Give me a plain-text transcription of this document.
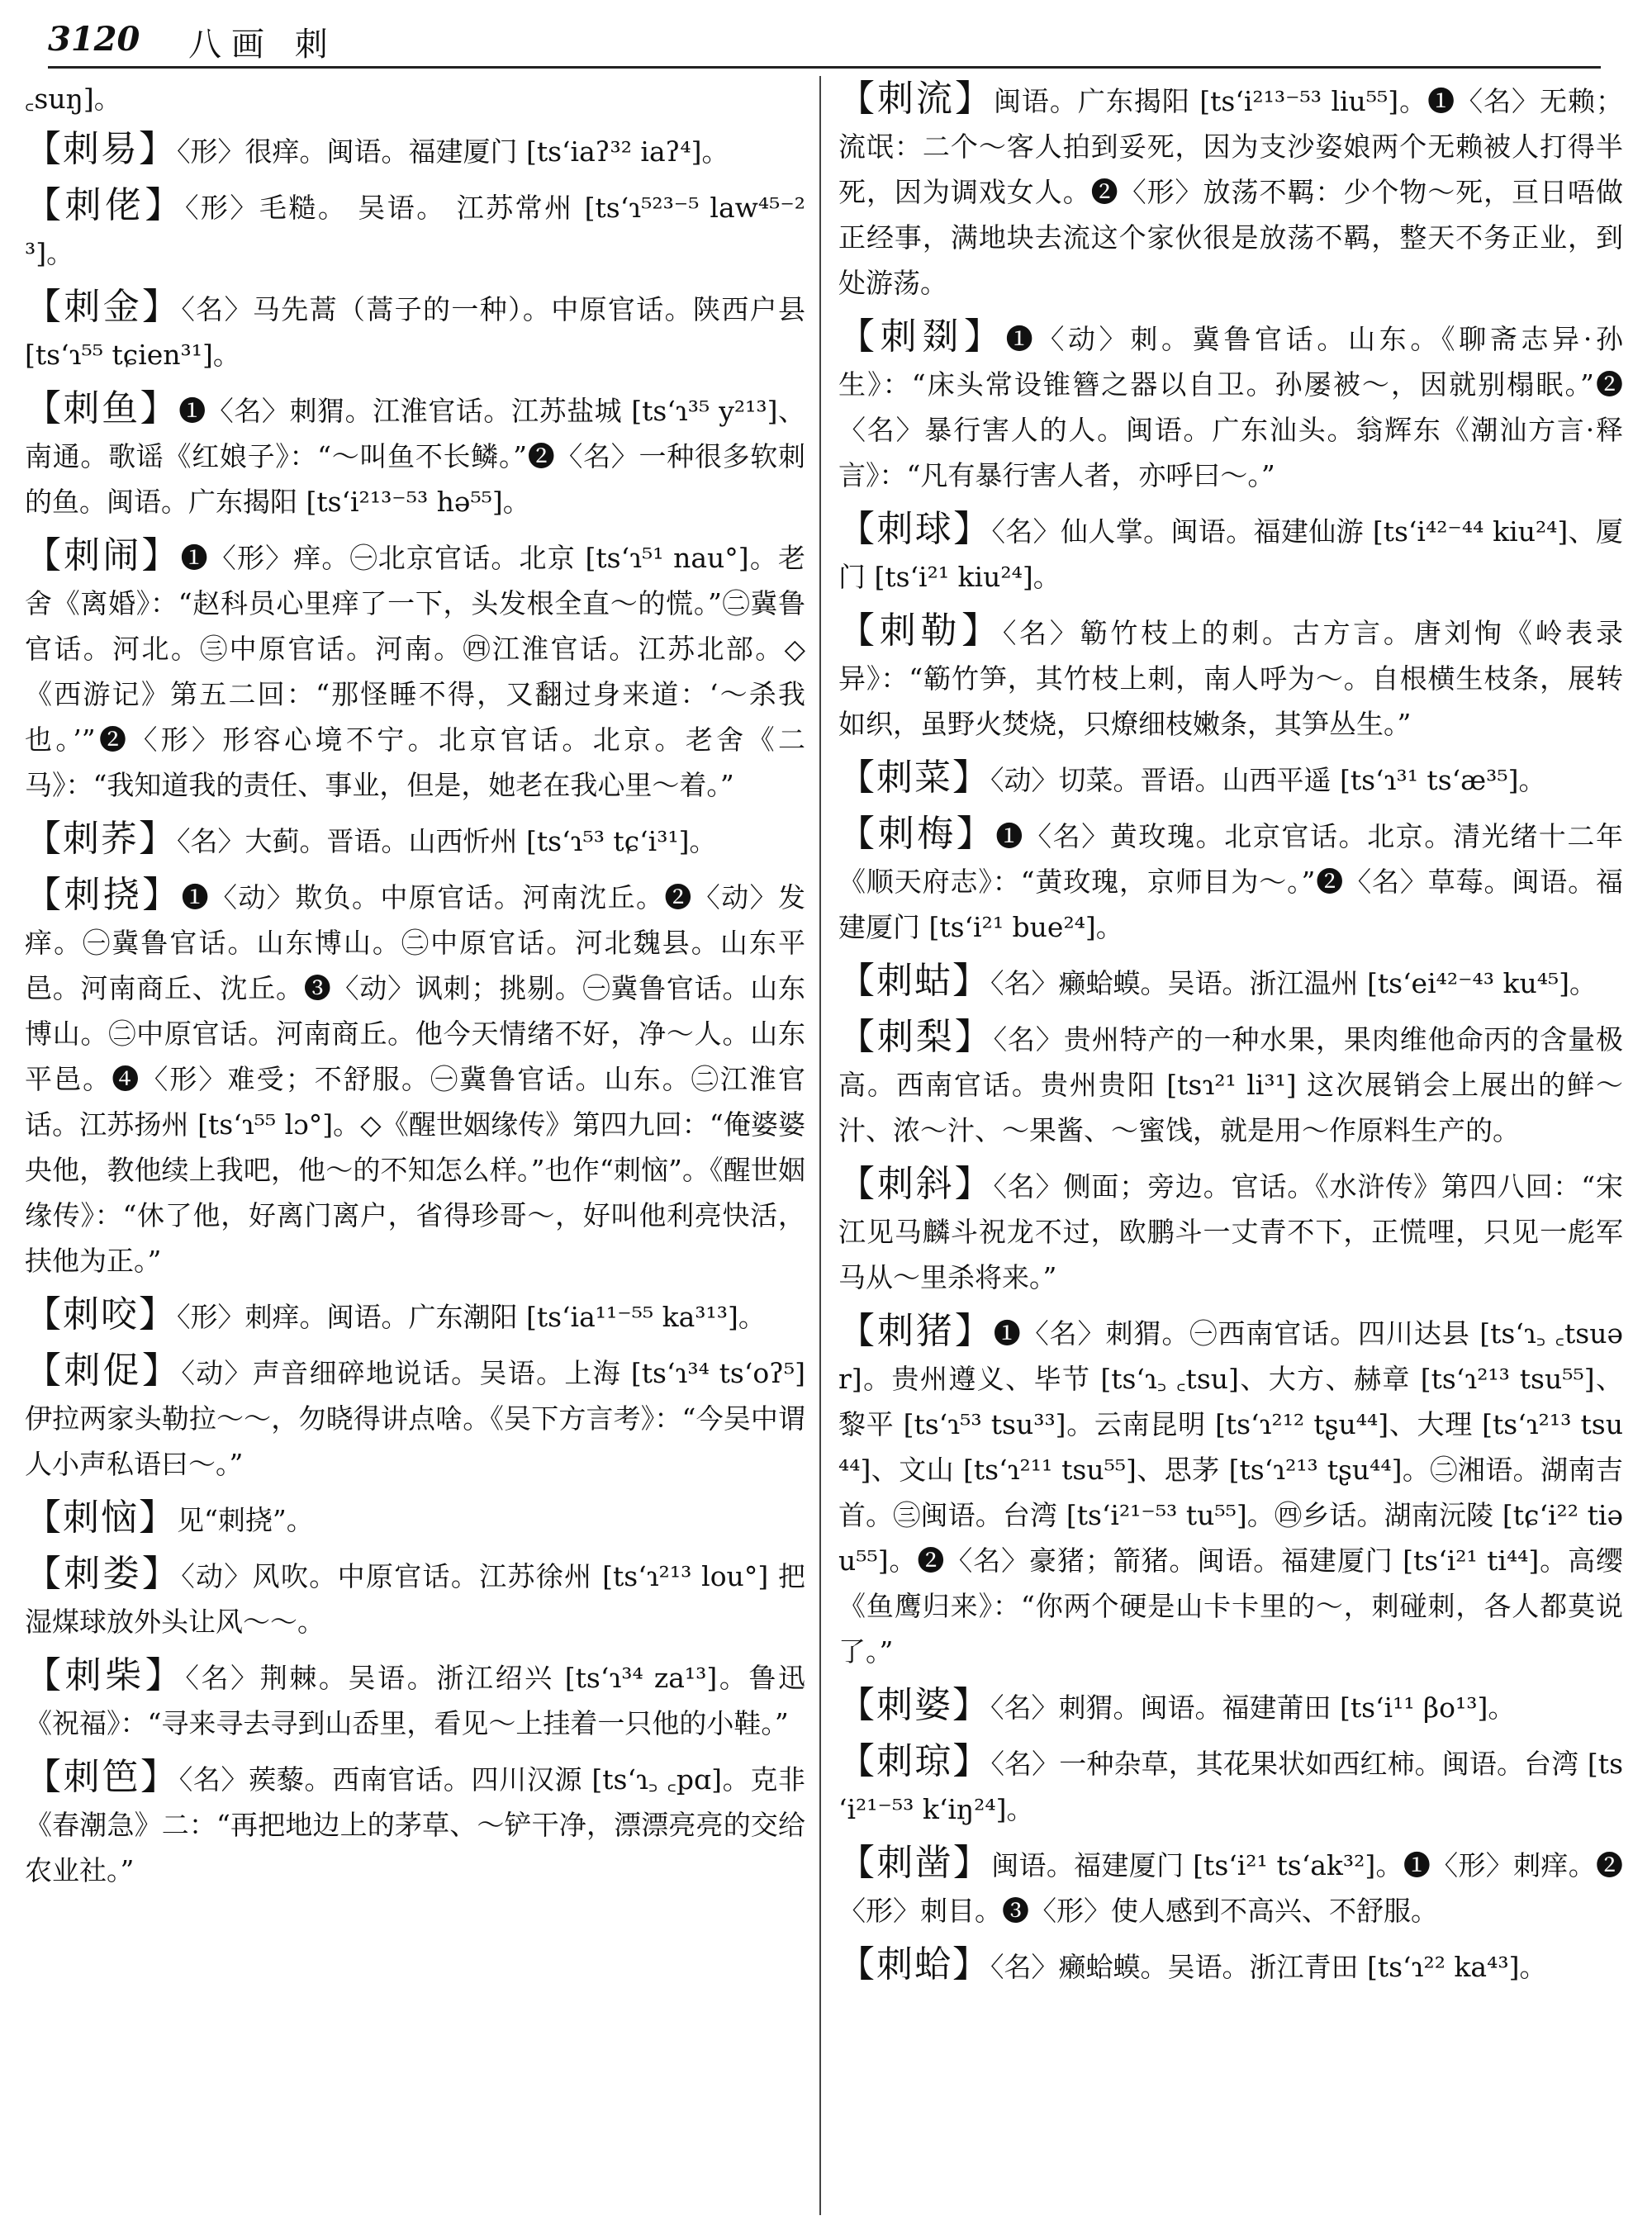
3120 八画 刺
꜀suŋ]。

【刺易】〈形〉很痒。闽语。福建厦门 [tsʻiaʔ³² iaʔ⁴]。

【刺佬】〈形〉毛糙。 吴语。 江苏常州 [tsʻɿ⁵²³⁻⁵ law⁴⁵⁻²³]。

【刺金】〈名〉马先蒿（蒿子的一种）。中原官话。陕西户县 [tsʻɿ⁵⁵ tɕien³¹]。

【刺鱼】❶〈名〉刺猬。江淮官话。江苏盐城 [tsʻɿ³⁵ y²¹³]、南通。歌谣《红娘子》：“～叫鱼不长鳞。”❷〈名〉一种很多软刺的鱼。闽语。广东揭阳 [tsʻi²¹³⁻⁵³ hə⁵⁵]。

【刺闹】❶〈形〉痒。㊀北京官话。北京 [tsʻɿ⁵¹ nau°]。老舍《离婚》：“赵科员心里痒了一下，头发根全直～的慌。”㊁冀鲁官话。河北。㊂中原官话。河南。㊃江淮官话。江苏北部。◇《西游记》第五二回：“那怪睡不得，又翻过身来道：‘～杀我也。’”❷〈形〉形容心境不宁。北京官话。北京。老舍《二马》：“我知道我的责任、事业，但是，她老在我心里～着。”

【刺荞】〈名〉大蓟。晋语。山西忻州 [tsʻɿ⁵³ tɕʻi³¹]。

【刺挠】❶〈动〉欺负。中原官话。河南沈丘。❷〈动〉发痒。㊀冀鲁官话。山东博山。㊁中原官话。河北魏县。山东平邑。河南商丘、沈丘。❸〈动〉讽刺；挑剔。㊀冀鲁官话。山东博山。㊁中原官话。河南商丘。他今天情绪不好，净～人。山东平邑。❹〈形〉难受；不舒服。㊀冀鲁官话。山东。㊁江淮官话。江苏扬州 [tsʻɿ⁵⁵ lɔ°]。◇《醒世姻缘传》第四九回：“俺婆婆央他，教他续上我吧，他～的不知怎么样。”也作“刺恼”。《醒世姻缘传》：“休了他，好离门离户，省得珍哥～，好叫他利亮快活，扶他为正。”

【刺咬】〈形〉刺痒。闽语。广东潮阳 [tsʻia¹¹⁻⁵⁵ ka³¹³]。

【刺促】〈动〉声音细碎地说话。吴语。上海 [tsʻɿ³⁴ tsʻoʔ⁵] 伊拉两家头勒拉～～，勿晓得讲点啥。《吴下方言考》：“今吴中谓人小声私语曰～。”

【刺恼】见“刺挠”。

【刺娄】〈动〉风吹。中原官话。江苏徐州 [tsʻɿ²¹³ lou°] 把湿煤球放外头让风～～。

【刺柴】〈名〉荆棘。吴语。浙江绍兴 [tsʻɿ³⁴ za¹³]。鲁迅《祝福》：“寻来寻去寻到山岙里，看见～上挂着一只他的小鞋。”

【刺笆】〈名〉蒺藜。西南官话。四川汉源 [tsʻɿ꜆ ꜀pɑ]。克非《春潮急》二：“再把地边上的茅草、～铲干净，漂漂亮亮的交给农业社。”

【刺流】闽语。广东揭阳 [tsʻi²¹³⁻⁵³ liu⁵⁵]。❶〈名〉无赖；流氓：二个～客人拍到妥死，因为支沙姿娘两个无赖被人打得半死，因为调戏女人。❷〈形〉放荡不羁：少个物～死，亘日唔做正经事，满地块去流这个家伙很是放荡不羁，整天不务正业，到处游荡。

【刺剟】❶〈动〉刺。冀鲁官话。山东。《聊斋志异·孙生》：“床头常设锥簪之器以自卫。孙屡被～，因就别榻眠。”❷〈名〉暴行害人的人。闽语。广东汕头。翁辉东《潮汕方言·释言》：“凡有暴行害人者，亦呼曰～。”

【刺球】〈名〉仙人掌。闽语。福建仙游 [tsʻi⁴²⁻⁴⁴ kiu²⁴]、厦门 [tsʻi²¹ kiu²⁴]。

【刺勒】〈名〉簕竹枝上的刺。古方言。唐刘恂《岭表录异》：“簕竹笋，其竹枝上刺，南人呼为～。自根横生枝条，展转如织，虽野火焚烧，只燎细枝嫩条，其笋丛生。”

【刺菜】〈动〉切菜。晋语。山西平遥 [tsʻɿ³¹ tsʻæ³⁵]。

【刺梅】❶〈名〉黄玫瑰。北京官话。北京。清光绪十二年《顺天府志》：“黄玫瑰，京师目为～。”❷〈名〉草莓。闽语。福建厦门 [tsʻi²¹ bue²⁴]。

【刺蛄】〈名〉癞蛤蟆。吴语。浙江温州 [tsʻei⁴²⁻⁴³ ku⁴⁵]。

【刺梨】〈名〉贵州特产的一种水果，果肉维他命丙的含量极高。西南官话。贵州贵阳 [tsɿ²¹ li³¹] 这次展销会上展出的鲜～汁、浓～汁、～果酱、～蜜饯，就是用～作原料生产的。

【刺斜】〈名〉侧面；旁边。官话。《水浒传》第四八回：“宋江见马麟斗祝龙不过，欧鹏斗一丈青不下，正慌哩，只见一彪军马从～里杀将来。”

【刺猪】❶〈名〉刺猬。㊀西南官话。四川达县 [tsʻɿ꜆ ꜀tsuər]。贵州遵义、毕节 [tsʻɿ꜆ ꜀tsu]、大方、赫章 [tsʻɿ²¹³ tsu⁵⁵]、黎平 [tsʻɿ⁵³ tsu³³]。云南昆明 [tsʻɿ²¹² tʂu⁴⁴]、大理 [tsʻɿ²¹³ tsu⁴⁴]、文山 [tsʻɿ²¹¹ tsu⁵⁵]、思茅 [tsʻɿ²¹³ tʂu⁴⁴]。㊁湘语。湖南吉首。㊂闽语。台湾 [tsʻi²¹⁻⁵³ tu⁵⁵]。㊃乡话。湖南沅陵 [tɕʻi²² tiəu⁵⁵]。❷〈名〉豪猪；箭猪。闽语。福建厦门 [tsʻi²¹ ti⁴⁴]。高缨《鱼鹰归来》：“你两个硬是山卡卡里的～，刺碰刺，各人都莫说了。”

【刺婆】〈名〉刺猬。闽语。福建莆田 [tsʻi¹¹ βo¹³]。

【刺琼】〈名〉一种杂草，其花果状如西红柿。闽语。台湾 [tsʻi²¹⁻⁵³ kʻiŋ²⁴]。

【刺凿】闽语。福建厦门 [tsʻi²¹ tsʻak³²]。❶〈形〉刺痒。❷〈形〉刺目。❸〈形〉使人感到不高兴、不舒服。

【刺蛤】〈名〉癞蛤蟆。吴语。浙江青田 [tsʻɿ²² ka⁴³]。
